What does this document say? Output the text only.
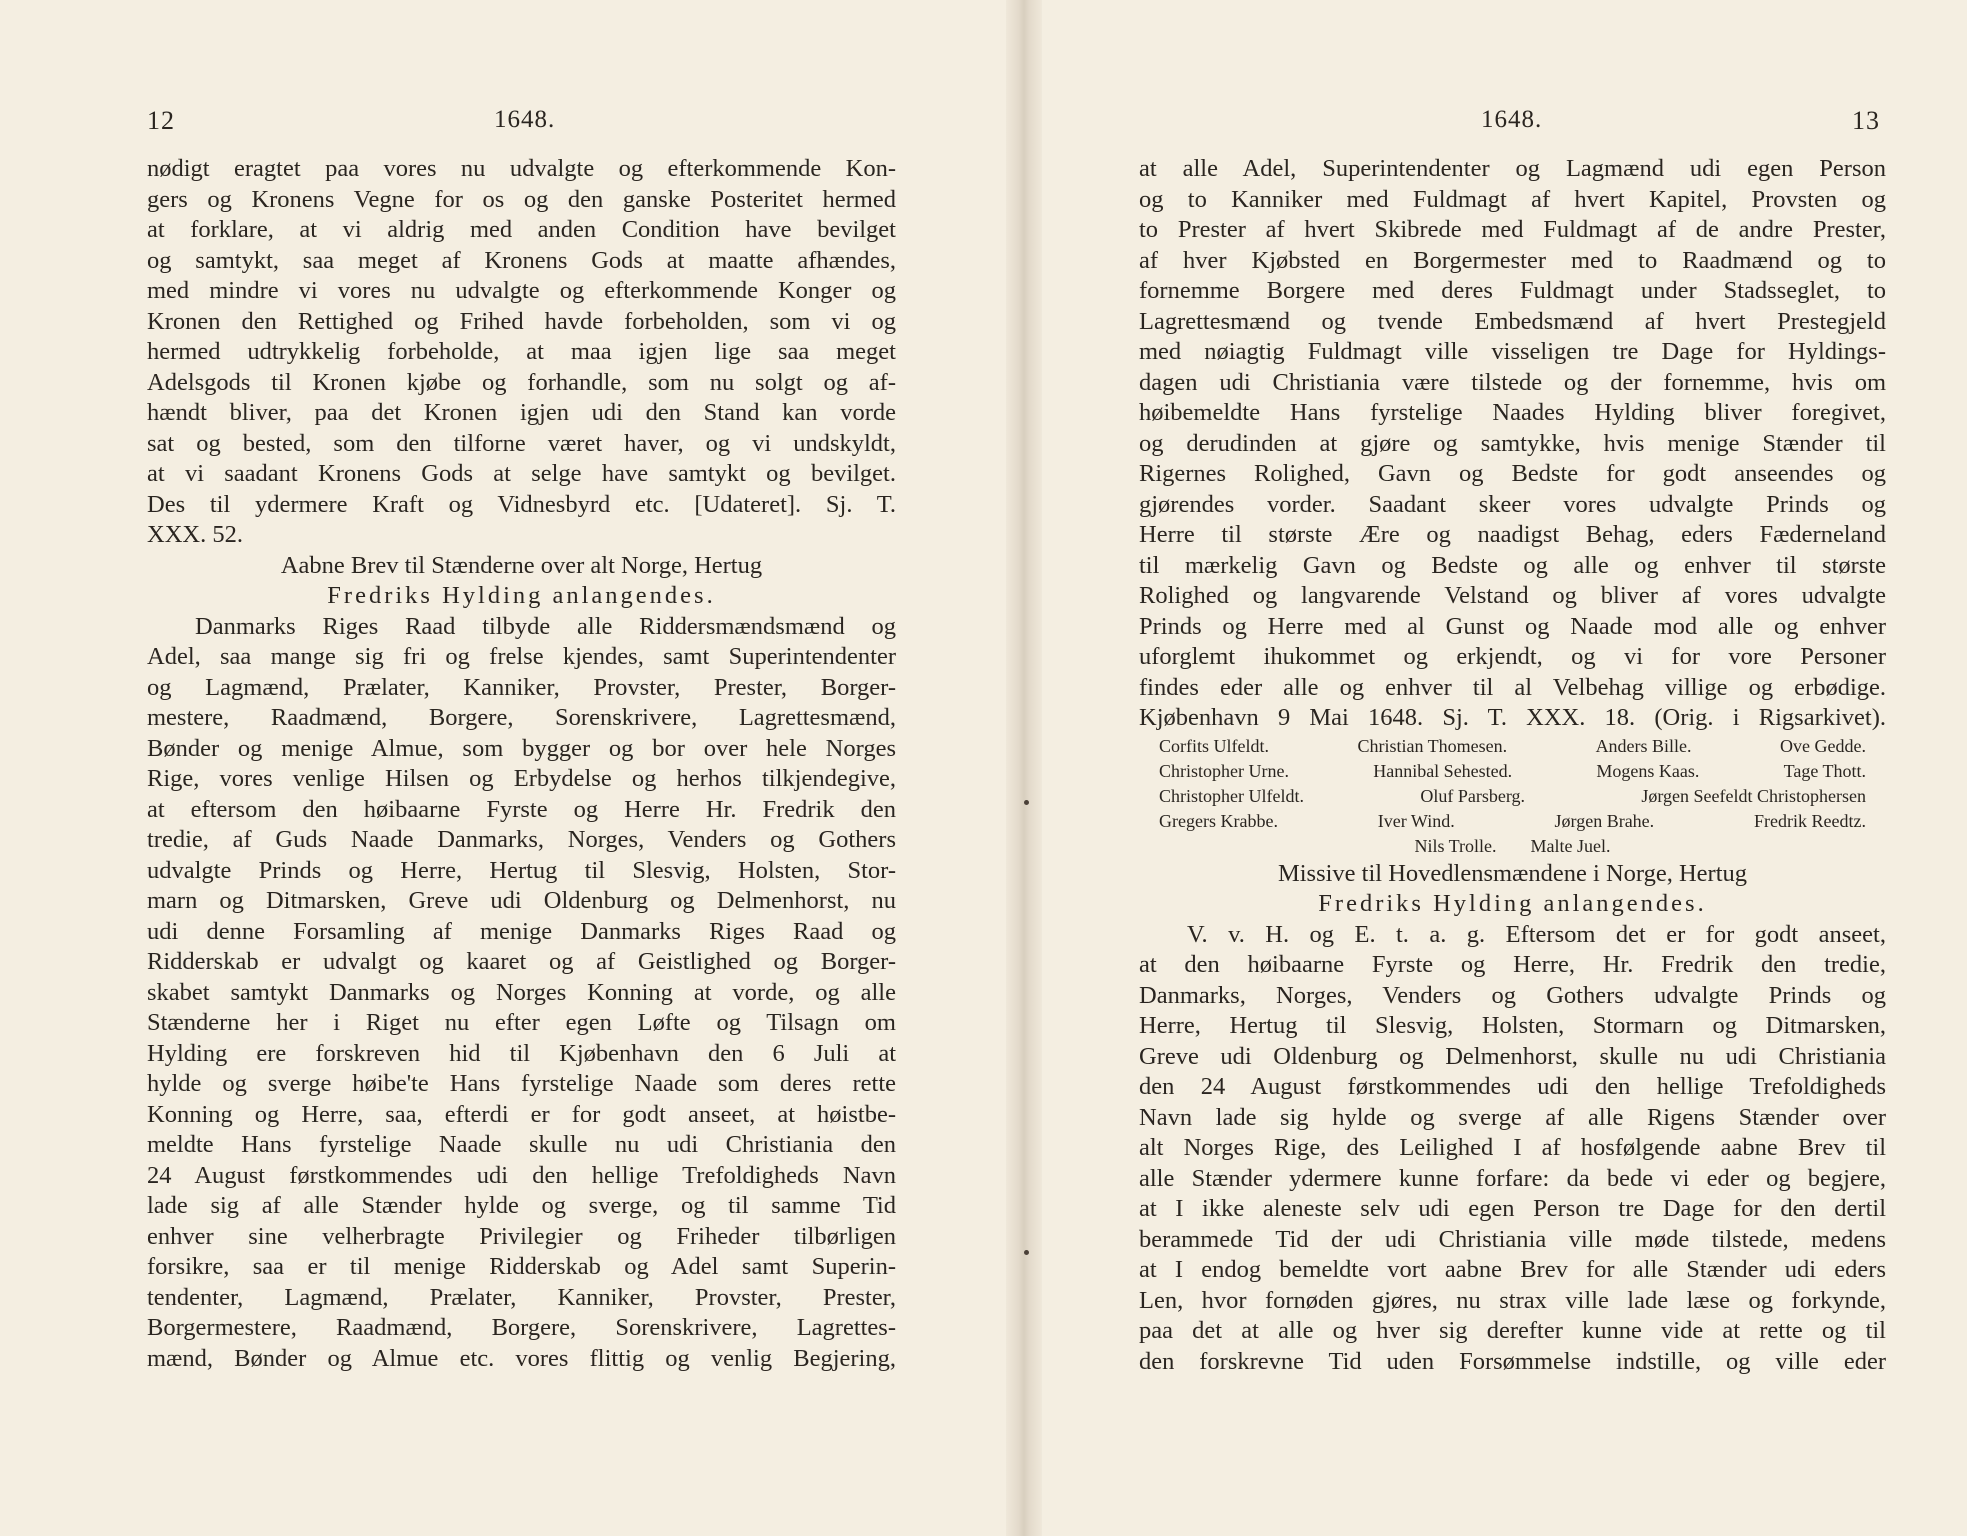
12	1648.
nødigt eragtet paa vores nu udvalgte og efterkommende Kon-
gers og Kronens Vegne for os og den ganske Posteritet hermed
at forklare, at vi aldrig med anden Condition have bevilget
og samtykt, saa meget af Kronens Gods at maatte afhændes,
med mindre vi vores nu udvalgte og efterkommende Konger og
Kronen den Rettighed og Frihed havde forbeholden, som vi og
hermed udtrykkelig forbeholde, at maa igjen lige saa meget
Adelsgods til Kronen kjøbe og forhandle, som nu solgt og af-
hændt bliver, paa det Kronen igjen udi den Stand kan vorde
sat og bested, som den tilforne været haver, og vi undskyldt,
at vi saadant Kronens Gods at selge have samtykt og bevilget.
Des til ydermere Kraft og Vidnesbyrd etc. [Udateret]. Sj. T.
XXX. 52.
Aabne Brev til Stænderne over alt Norge, Hertug
Fredriks Hylding anlangendes.
Danmarks Riges Raad tilbyde alle Riddersmændsmænd og
Adel, saa mange sig fri og frelse kjendes, samt Superintendenter
og Lagmænd, Prælater, Kanniker, Provster, Prester, Borger-
mestere, Raadmænd, Borgere, Sorenskrivere, Lagrettesmænd,
Bønder og menige Almue, som bygger og bor over hele Norges
Rige, vores venlige Hilsen og Erbydelse og herhos tilkjendegive,
at eftersom den høibaarne Fyrste og Herre Hr. Fredrik den
tredie, af Guds Naade Danmarks, Norges, Venders og Gothers
udvalgte Prinds og Herre, Hertug til Slesvig, Holsten, Stor-
marn og Ditmarsken, Greve udi Oldenburg og Delmenhorst, nu
udi denne Forsamling af menige Danmarks Riges Raad og
Ridderskab er udvalgt og kaaret og af Geistlighed og Borger-
skabet samtykt Danmarks og Norges Konning at vorde, og alle
Stænderne her i Riget nu efter egen Løfte og Tilsagn om
Hylding ere forskreven hid til Kjøbenhavn den 6 Juli at
hylde og sverge høibe'te Hans fyrstelige Naade som deres rette
Konning og Herre, saa, efterdi er for godt anseet, at høistbe-
meldte Hans fyrstelige Naade skulle nu udi Christiania den
24 August førstkommendes udi den hellige Trefoldigheds Navn
lade sig af alle Stænder hylde og sverge, og til samme Tid
enhver sine velherbragte Privilegier og Friheder tilbørligen
forsikre, saa er til menige Ridderskab og Adel samt Superin-
tendenter, Lagmænd, Prælater, Kanniker, Provster, Prester,
Borgermestere, Raadmænd, Borgere, Sorenskrivere, Lagrettes-
mænd, Bønder og Almue etc. vores flittig og venlig Begjering,
1648.	13
at alle Adel, Superintendenter og Lagmænd udi egen Person
og to Kanniker med Fuldmagt af hvert Kapitel, Provsten og
to Prester af hvert Skibrede med Fuldmagt af de andre Prester,
af hver Kjøbsted en Borgermester med to Raadmænd og to
fornemme Borgere med deres Fuldmagt under Stadsseglet, to
Lagrettesmænd og tvende Embedsmænd af hvert Prestegjeld
med nøiagtig Fuldmagt ville visseligen tre Dage for Hyldings-
dagen udi Christiania være tilstede og der fornemme, hvis om
høibemeldte Hans fyrstelige Naades Hylding bliver foregivet,
og derudinden at gjøre og samtykke, hvis menige Stænder til
Rigernes Rolighed, Gavn og Bedste for godt anseendes og
gjørendes vorder. Saadant skeer vores udvalgte Prinds og
Herre til største Ære og naadigst Behag, eders Fæderneland
til mærkelig Gavn og Bedste og alle og enhver til største
Rolighed og langvarende Velstand og bliver af vores udvalgte
Prinds og Herre med al Gunst og Naade mod alle og enhver
uforglemt ihukommet og erkjendt, og vi for vore Personer
findes eder alle og enhver til al Velbehag villige og erbødige.
Kjøbenhavn 9 Mai 1648. Sj. T. XXX. 18. (Orig. i Rigsarkivet).
Corfits Ulfeldt.	Christian Thomesen.	Anders Bille.	Ove Gedde.
Christopher Urne.	Hannibal Sehested.	Mogens Kaas.	Tage Thott.
Christopher Ulfeldt.	Oluf Parsberg.	Jørgen Seefeldt Christophersen
Gregers Krabbe.	Iver Wind.	Jørgen Brahe.	Fredrik Reedtz.
Nils Trolle. Malte Juel.
Missive til Hovedlensmændene i Norge, Hertug
Fredriks Hylding anlangendes.
V. v. H. og E. t. a. g. Eftersom det er for godt anseet,
at den høibaarne Fyrste og Herre, Hr. Fredrik den tredie,
Danmarks, Norges, Venders og Gothers udvalgte Prinds og
Herre, Hertug til Slesvig, Holsten, Stormarn og Ditmarsken,
Greve udi Oldenburg og Delmenhorst, skulle nu udi Christiania
den 24 August førstkommendes udi den hellige Trefoldigheds
Navn lade sig hylde og sverge af alle Rigens Stænder over
alt Norges Rige, des Leilighed I af hosfølgende aabne Brev til
alle Stænder ydermere kunne forfare: da bede vi eder og begjere,
at I ikke aleneste selv udi egen Person tre Dage for den dertil
berammede Tid der udi Christiania ville møde tilstede, medens
at I endog bemeldte vort aabne Brev for alle Stænder udi eders
Len, hvor fornøden gjøres, nu strax ville lade læse og forkynde,
paa det at alle og hver sig derefter kunne vide at rette og til
den forskrevne Tid uden Forsømmelse indstille, og ville eder
